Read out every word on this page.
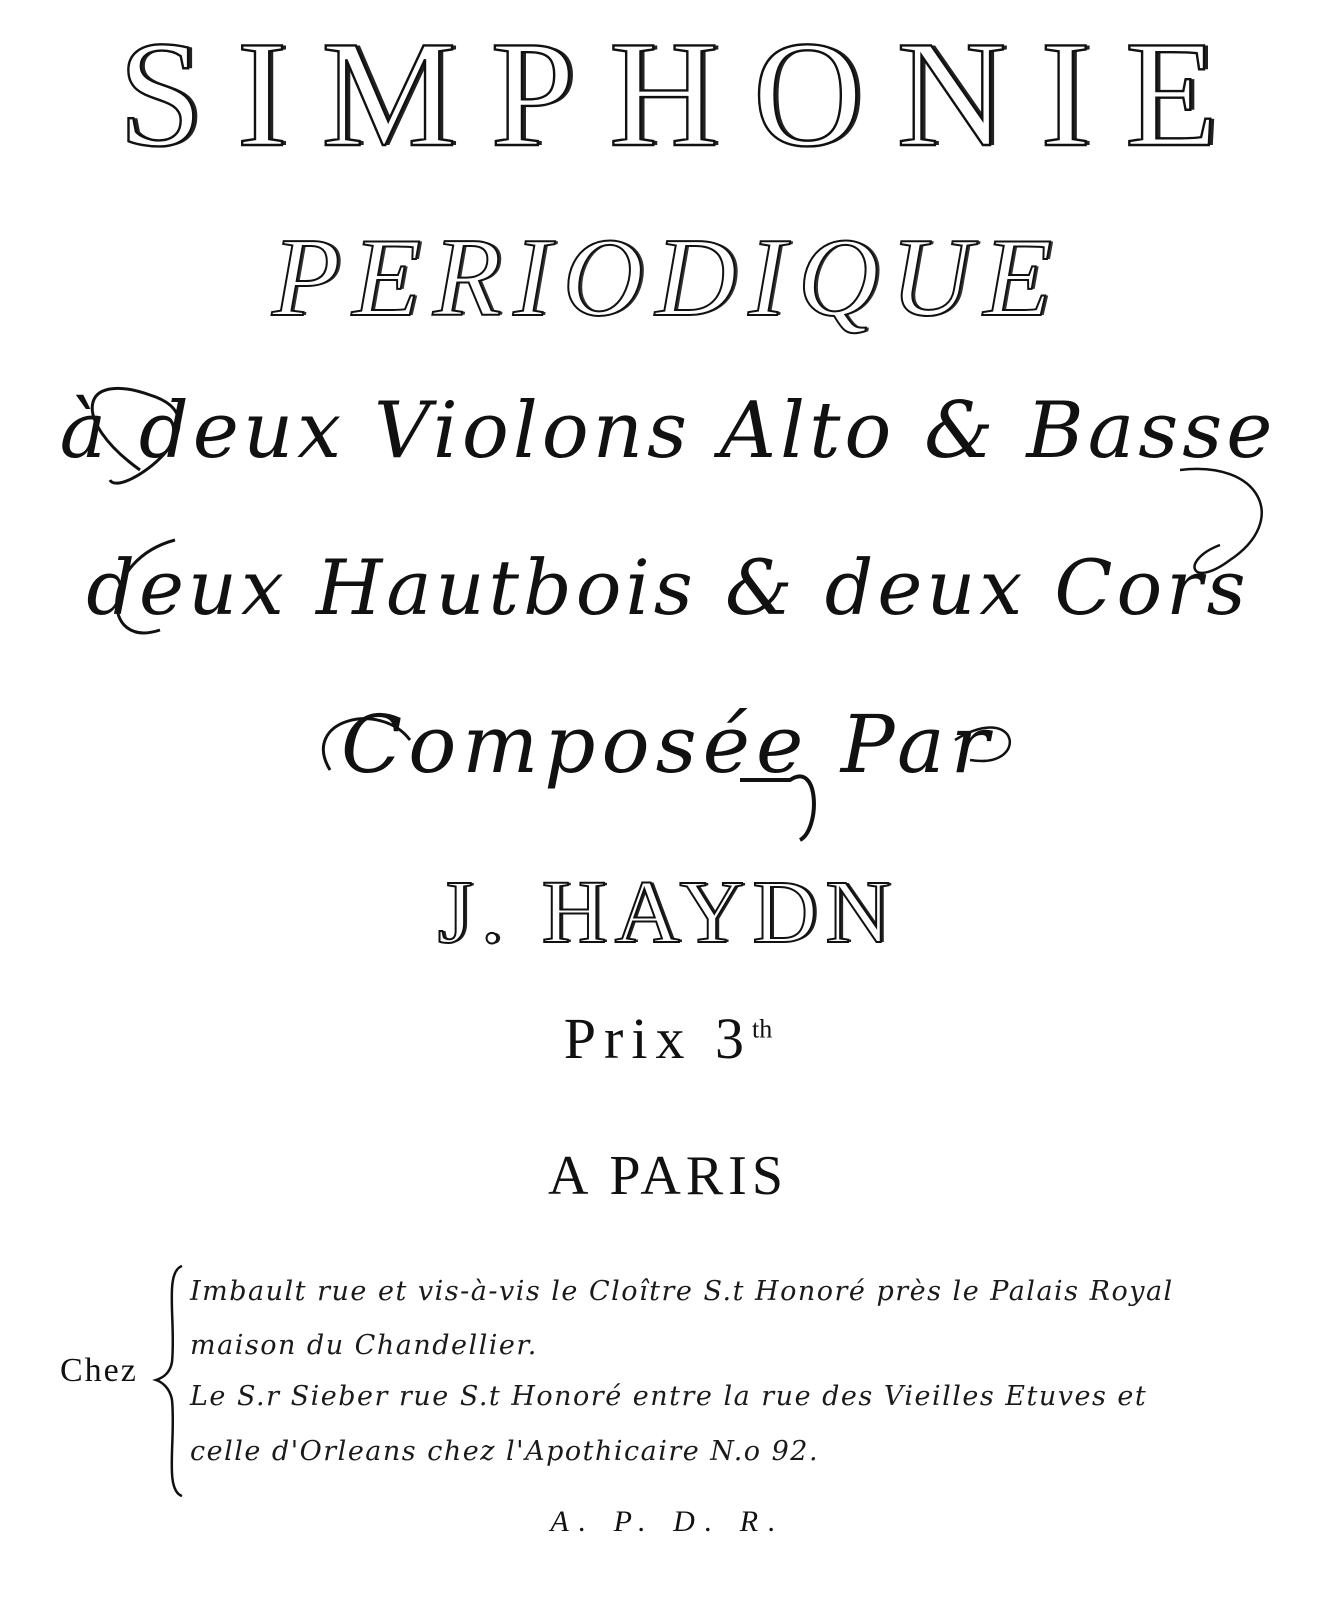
SIMPHONIE
PERIODIQUE
à deux Violons Alto & Basse
deux Hautbois & deux Cors
Composée Par
J. HAYDN
Prix 3th
A PARIS
Chez
Imbault rue et vis-à-vis le Cloître S.t Honoré près le Palais Royal
maison du Chandellier.
Le S.r Sieber rue S.t Honoré entre la rue des Vieilles Etuves et
celle d'Orleans chez l'Apothicaire N.o 92.
A. P. D. R.
